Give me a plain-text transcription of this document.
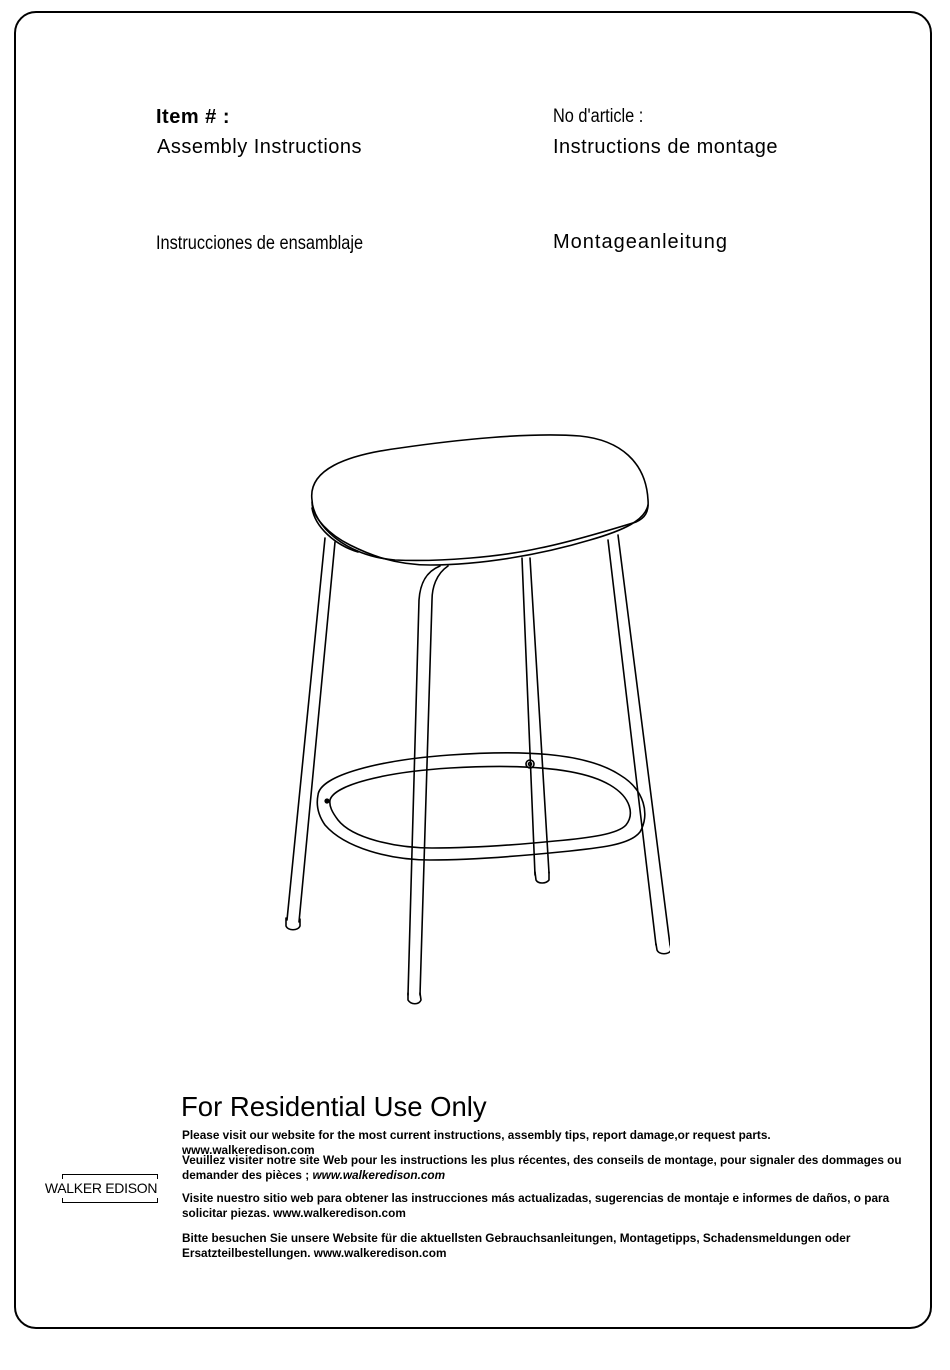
Item # :
Assembly Instructions
No d'article :
Instructions de montage
Instrucciones de ensamblaje	Montageanleitung
For Residential Use Only
Please visit our website for the most current instructions, assembly tips, report damage,or request parts.   www.walkeredison.com
Veuillez visiter notre site Web pour les instructions les plus récentes, des conseils de montage, pour signaler des dommages ou demander des pièces ; www.walkeredison.com
Visite nuestro sitio web para obtener las instrucciones más actualizadas, sugerencias de montaje e informes de daños, o para solicitar piezas. www.walkeredison.com
Bitte besuchen Sie unsere Website für die aktuellsten Gebrauchsanleitungen, Montagetipps, Schadensmeldungen oder Ersatzteilbestellungen. www.walkeredison.com
WALKER EDISON
